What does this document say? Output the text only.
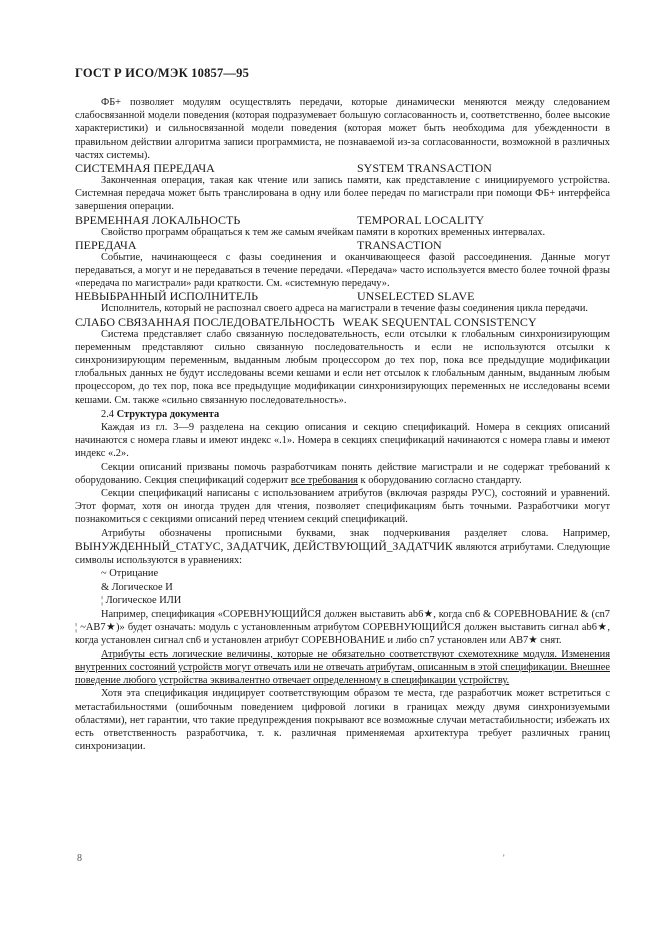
ГОСТ Р ИСО/МЭК 10857—95

ФБ+ позволяет модулям осуществлять передачи, которые динамически меняются между следованием слабосвязанной модели поведения (которая подразумевает большую согласованность и, соответственно, более высокие характеристики) и сильносвязанной модели поведения (которая может быть необходима для убежденности в правильном действии алгоритма записи программиста, не познаваемой из-за согласованности, возможной в различных частях системы).

СИСТЕМНАЯ ПЕРЕДАЧА	SYSTEM TRANSACTION

Законченная операция, такая как чтение или запись памяти, как представление с инициируемого устройства. Системная передача может быть транслирована в одну или более передач по магистрали при помощи ФБ+ интерфейса завершения операции.

ВРЕМЕННАЯ ЛОКАЛЬНОСТЬ	TEMPORAL LOCALITY

Свойство программ обращаться к тем же самым ячейкам памяти в коротких временных интервалах.

ПЕРЕДАЧА	TRANSACTION

Событие, начинающееся с фазы соединения и оканчивающееся фазой рассоединения. Данные могут передаваться, а могут и не передаваться в течение передачи. «Передача» часто используется вместо более точной фразы «передача по магистрали» ради краткости. См. «системную передачу».

НЕВЫБРАННЫЙ ИСПОЛНИТЕЛЬ	UNSELECTED SLAVE

Исполнитель, который не распознал своего адреса на магистрали в течение фазы соединения цикла передачи.

СЛАБО СВЯЗАННАЯ ПОСЛЕДОВАТЕЛЬНОСТЬ WEAK SEQUENTAL CONSISTENCY

Система представляет слабо связанную последовательность, если отсылки к глобальным синхронизирующим переменным представляют сильно связанную последовательность и если не используются отсылки к синхронизирующим переменным, выданным любым процессором до тех пор, пока все предыдущие модификации глобальных данных не будут исследованы всеми кешами и если нет отсылок к глобальным данным, выданным любым процессором, до тех пор, пока все предыдущие модификации синхронизирующих переменных не исследованы всеми кешами. См. также «сильно связанную последовательность».

2.4 Структура документа

Каждая из гл. 3—9 разделена на секцию описания и секцию спецификаций. Номера в секциях описаний начинаются с номера главы и имеют индекс «.1». Номера в секциях спецификаций начинаются с номера главы и имеют индекс «.2».

Секции описаний призваны помочь разработчикам понять действие магистрали и не содержат требований к оборудованию. Секция спецификаций содержит все требования к оборудованию согласно стандарту.

Секции спецификаций написаны с использованием атрибутов (включая разряды РУС), состояний и уравнений. Этот формат, хотя он иногда труден для чтения, позволяет спецификациям быть точными. Разработчики могут познакомиться с секциями описаний перед чтением секций спецификаций.

Атрибуты обозначены прописными буквами, знак подчеркивания разделяет слова. Например, ВЫНУЖДЕННЫЙ_СТАТУС, ЗАДАТЧИК, ДЕЙСТВУЮЩИЙ_ЗАДАТЧИК являются атрибутами. Следующие символы используются в уравнениях:

~ Отрицание
& Логическое И
¦ Логическое ИЛИ

Например, спецификация «СОРЕВНУЮЩИЙСЯ должен выставить ab6★, когда cn6 & СОРЕВНОВАНИЕ & (cn7 ¦ ~AB7★)» будет означать: модуль с установленным атрибутом СОРЕВНУЮЩИЙСЯ должен выставить сигнал ab6★, когда установлен сигнал cn6 и установлен атрибут СОРЕВНОВАНИЕ и либо cn7 установлен или AB7★ снят.

Атрибуты есть логические величины, которые не обязательно соответствуют схемотехнике модуля. Изменения внутренних состояний устройств могут отвечать или не отвечать атрибутам, описанным в этой спецификации. Внешнее поведение любого устройства эквивалентно отвечает определенному в спецификации устройству.

Хотя эта спецификация индицирует соответствующим образом те места, где разработчик может встретиться с метастабильностями (ошибочным поведением цифровой логики в границах между двумя синхронизуемыми областями), нет гарантии, что такие предупреждения покрывают все возможные случаи метастабильности; избежать их есть ответственность разработчика, т. к. различная применяемая архитектура требует различных границ синхронизации.

8	'
